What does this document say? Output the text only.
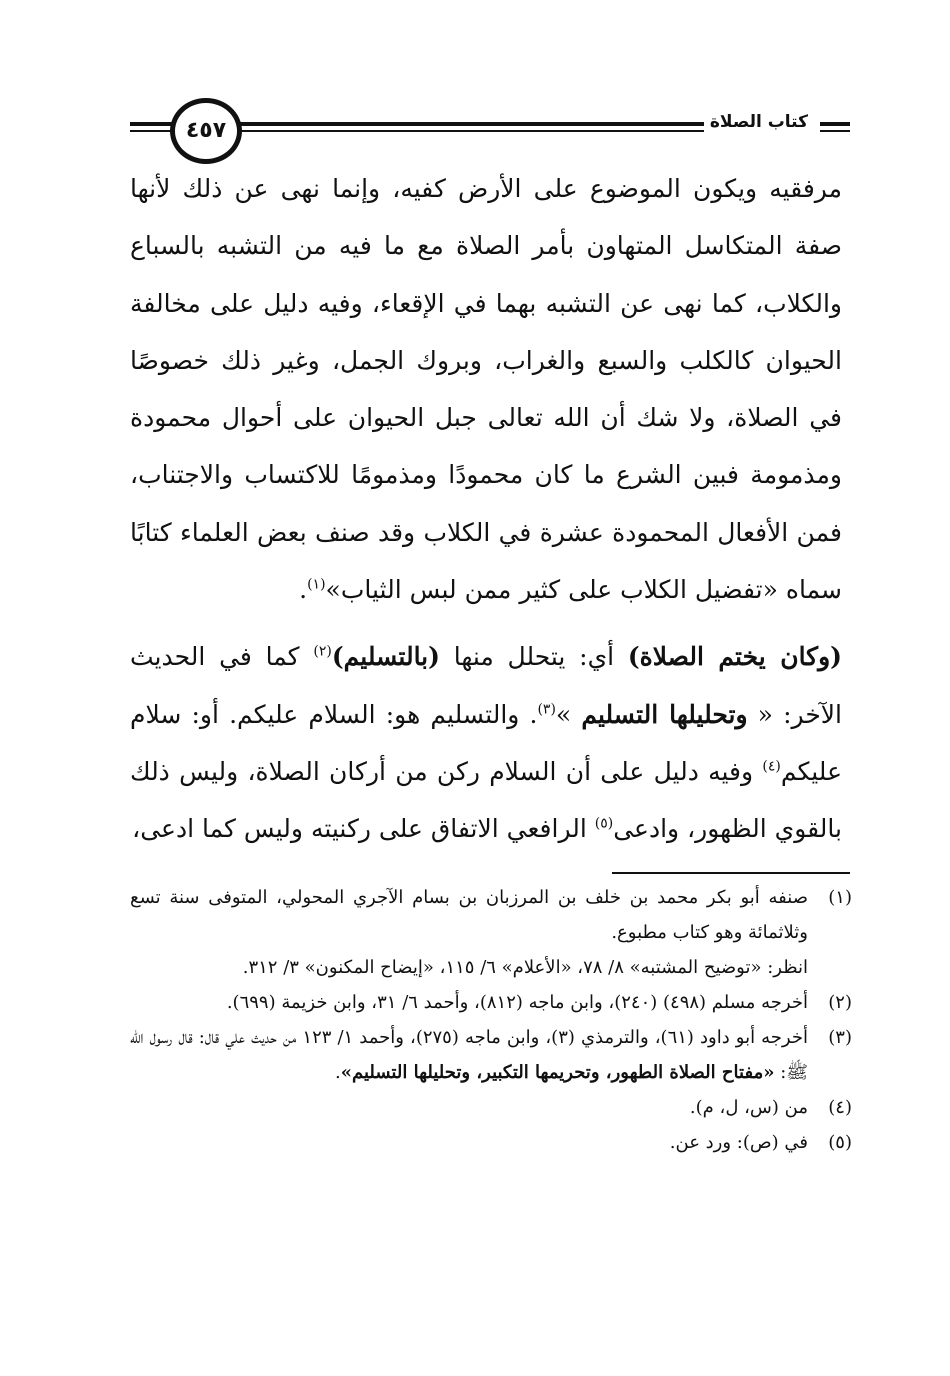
٤٥٧	كتاب الصلاة

مرفقيه ويكون الموضوع على الأرض كفيه، وإنما نهى عن ذلك لأنها صفة المتكاسل المتهاون بأمر الصلاة مع ما فيه من التشبه بالسباع والكلاب، كما نهى عن التشبه بهما في الإقعاء، وفيه دليل على مخالفة الحيوان كالكلب والسبع والغراب، وبروك الجمل، وغير ذلك خصوصًا في الصلاة، ولا شك أن الله تعالى جبل الحيوان على أحوال محمودة ومذمومة فبين الشرع ما كان محمودًا ومذمومًا للاكتساب والاجتناب، فمن الأفعال المحمودة عشرة في الكلاب وقد صنف بعض العلماء كتابًا سماه «تفضيل الكلاب على كثير ممن لبس الثياب»$^{(١)}$.

(وكان يختم الصلاة) أي: يتحلل منها (بالتسليم)$^{(٢)}$ كما في الحديث الآخر: « وتحليلها التسليم »$^{(٣)}$. والتسليم هو: السلام عليكم. أو: سلام عليكم$^{(٤)}$ وفيه دليل على أن السلام ركن من أركان الصلاة، وليس ذلك بالقوي الظهور، وادعى$^{(٥)}$ الرافعي الاتفاق على ركنيته وليس كما ادعى،

(١)
صنفه أبو بكر محمد بن خلف بن المرزبان بن بسام الآجري المحولي، المتوفى سنة تسع وثلاثمائة وهو كتاب مطبوع.
انظر: «توضيح المشتبه» ٨/ ٧٨، «الأعلام» ٦/ ١١٥، «إيضاح المكنون» ٣/ ٣١٢.
(٢)
أخرجه مسلم (٤٩٨) (٢٤٠)، وابن ماجه (٨١٢)، وأحمد ٦/ ٣١، وابن خزيمة (٦٩٩).
(٣)
أخرجه أبو داود (٦١)، والترمذي (٣)، وابن ماجه (٢٧٥)، وأحمد ١/ ١٢٣ من حديث علي قال: قال رسول الله ﷺ: «مفتاح الصلاة الطهور، وتحريمها التكبير، وتحليلها التسليم».
(٤)
من (س، ل، م).
(٥)
في (ص): ورد عن.
